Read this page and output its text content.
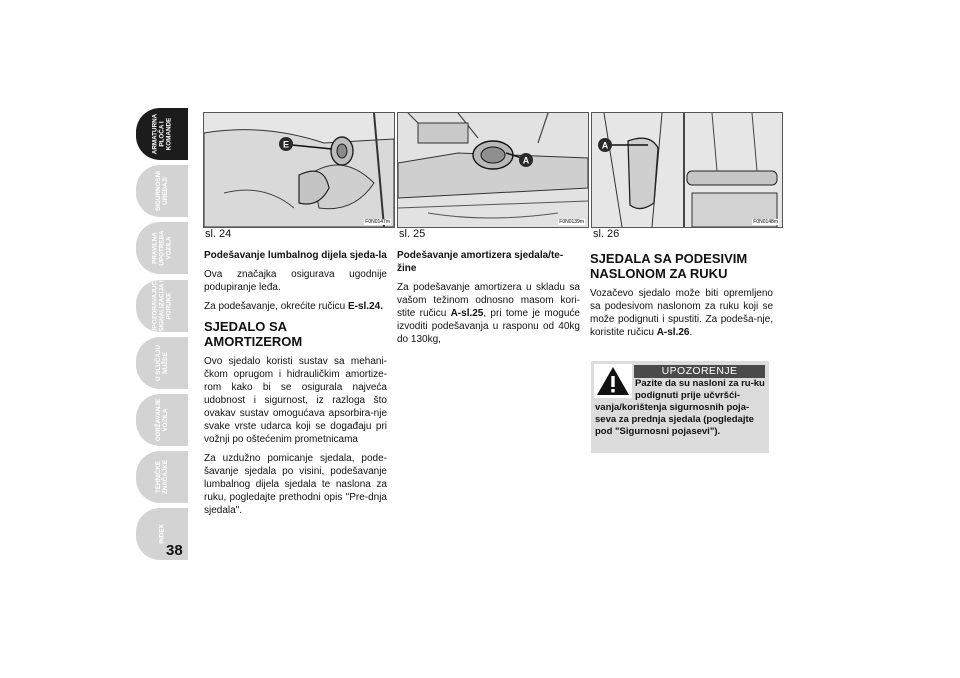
ARMATURNA
PLOČA I
KOMANDE
SIGURNOSNI
UREĐAJI
PRAVILNA
UPOTREBA
VOZILA
UPOZORAVAJUĆA
SIGNALIZACIJA I
PORUKE
U SLUČAJU
NUŽDE
ODRŽAVANJE
VOZILA
TEHNIČKE
ZNAČAJKE
INDEX
38
E
F0N0147m
sl. 24
A
F0N0139m
sl. 25
A
F0N0148m
sl. 26

Podešavanje lumbalnog dijela sjeda-la

Ova značajka osigurava ugodnije podupiranje leđa.

Za podešavanje, okrećite ručicu E-sl.24.

SJEDALO SA AMORTIZEROM

Ovo sjedalo koristi sustav sa mehani-čkom oprugom i hidrauličkim amortize-rom kako bi se osigurala najveća udobnost i sigurnost, iz razloga što ovakav sustav omogućava apsorbira-nje svake vrste udarca koji se događaju pri vožnji po oštećenim prometnicama

Za uzdužno pomicanje sjedala, pode-šavanje sjedala po visini, podešavanje lumbalnog dijela sjedala te naslona za ruku, pogledajte prethodni opis "Pre-dnja sjedala".

Podešavanje amortizera sjedala/te-žine

Za podešavanje amortizera u skladu sa vašom težinom odnosno masom kori-stite ručicu A-sl.25, pri tome je moguće izvoditi podešavanja u rasponu od 40kg do 130kg,

SJEDALA SA PODESIVIM NASLONOM ZA RUKU

Vozačevo sjedalo može biti opremljeno sa podesivom naslonom za ruku koji se može podignuti i spustiti. Za podeša-nje, koristite ručicu A-sl.26.

UPOZORENJE
Pazite da su nasloni za ru-ku podignuti prije učvršći-
vanja/korištenja sigurnosnih poja-seva za prednja sjedala (pogledajte pod "Sigurnosni pojasevi").
